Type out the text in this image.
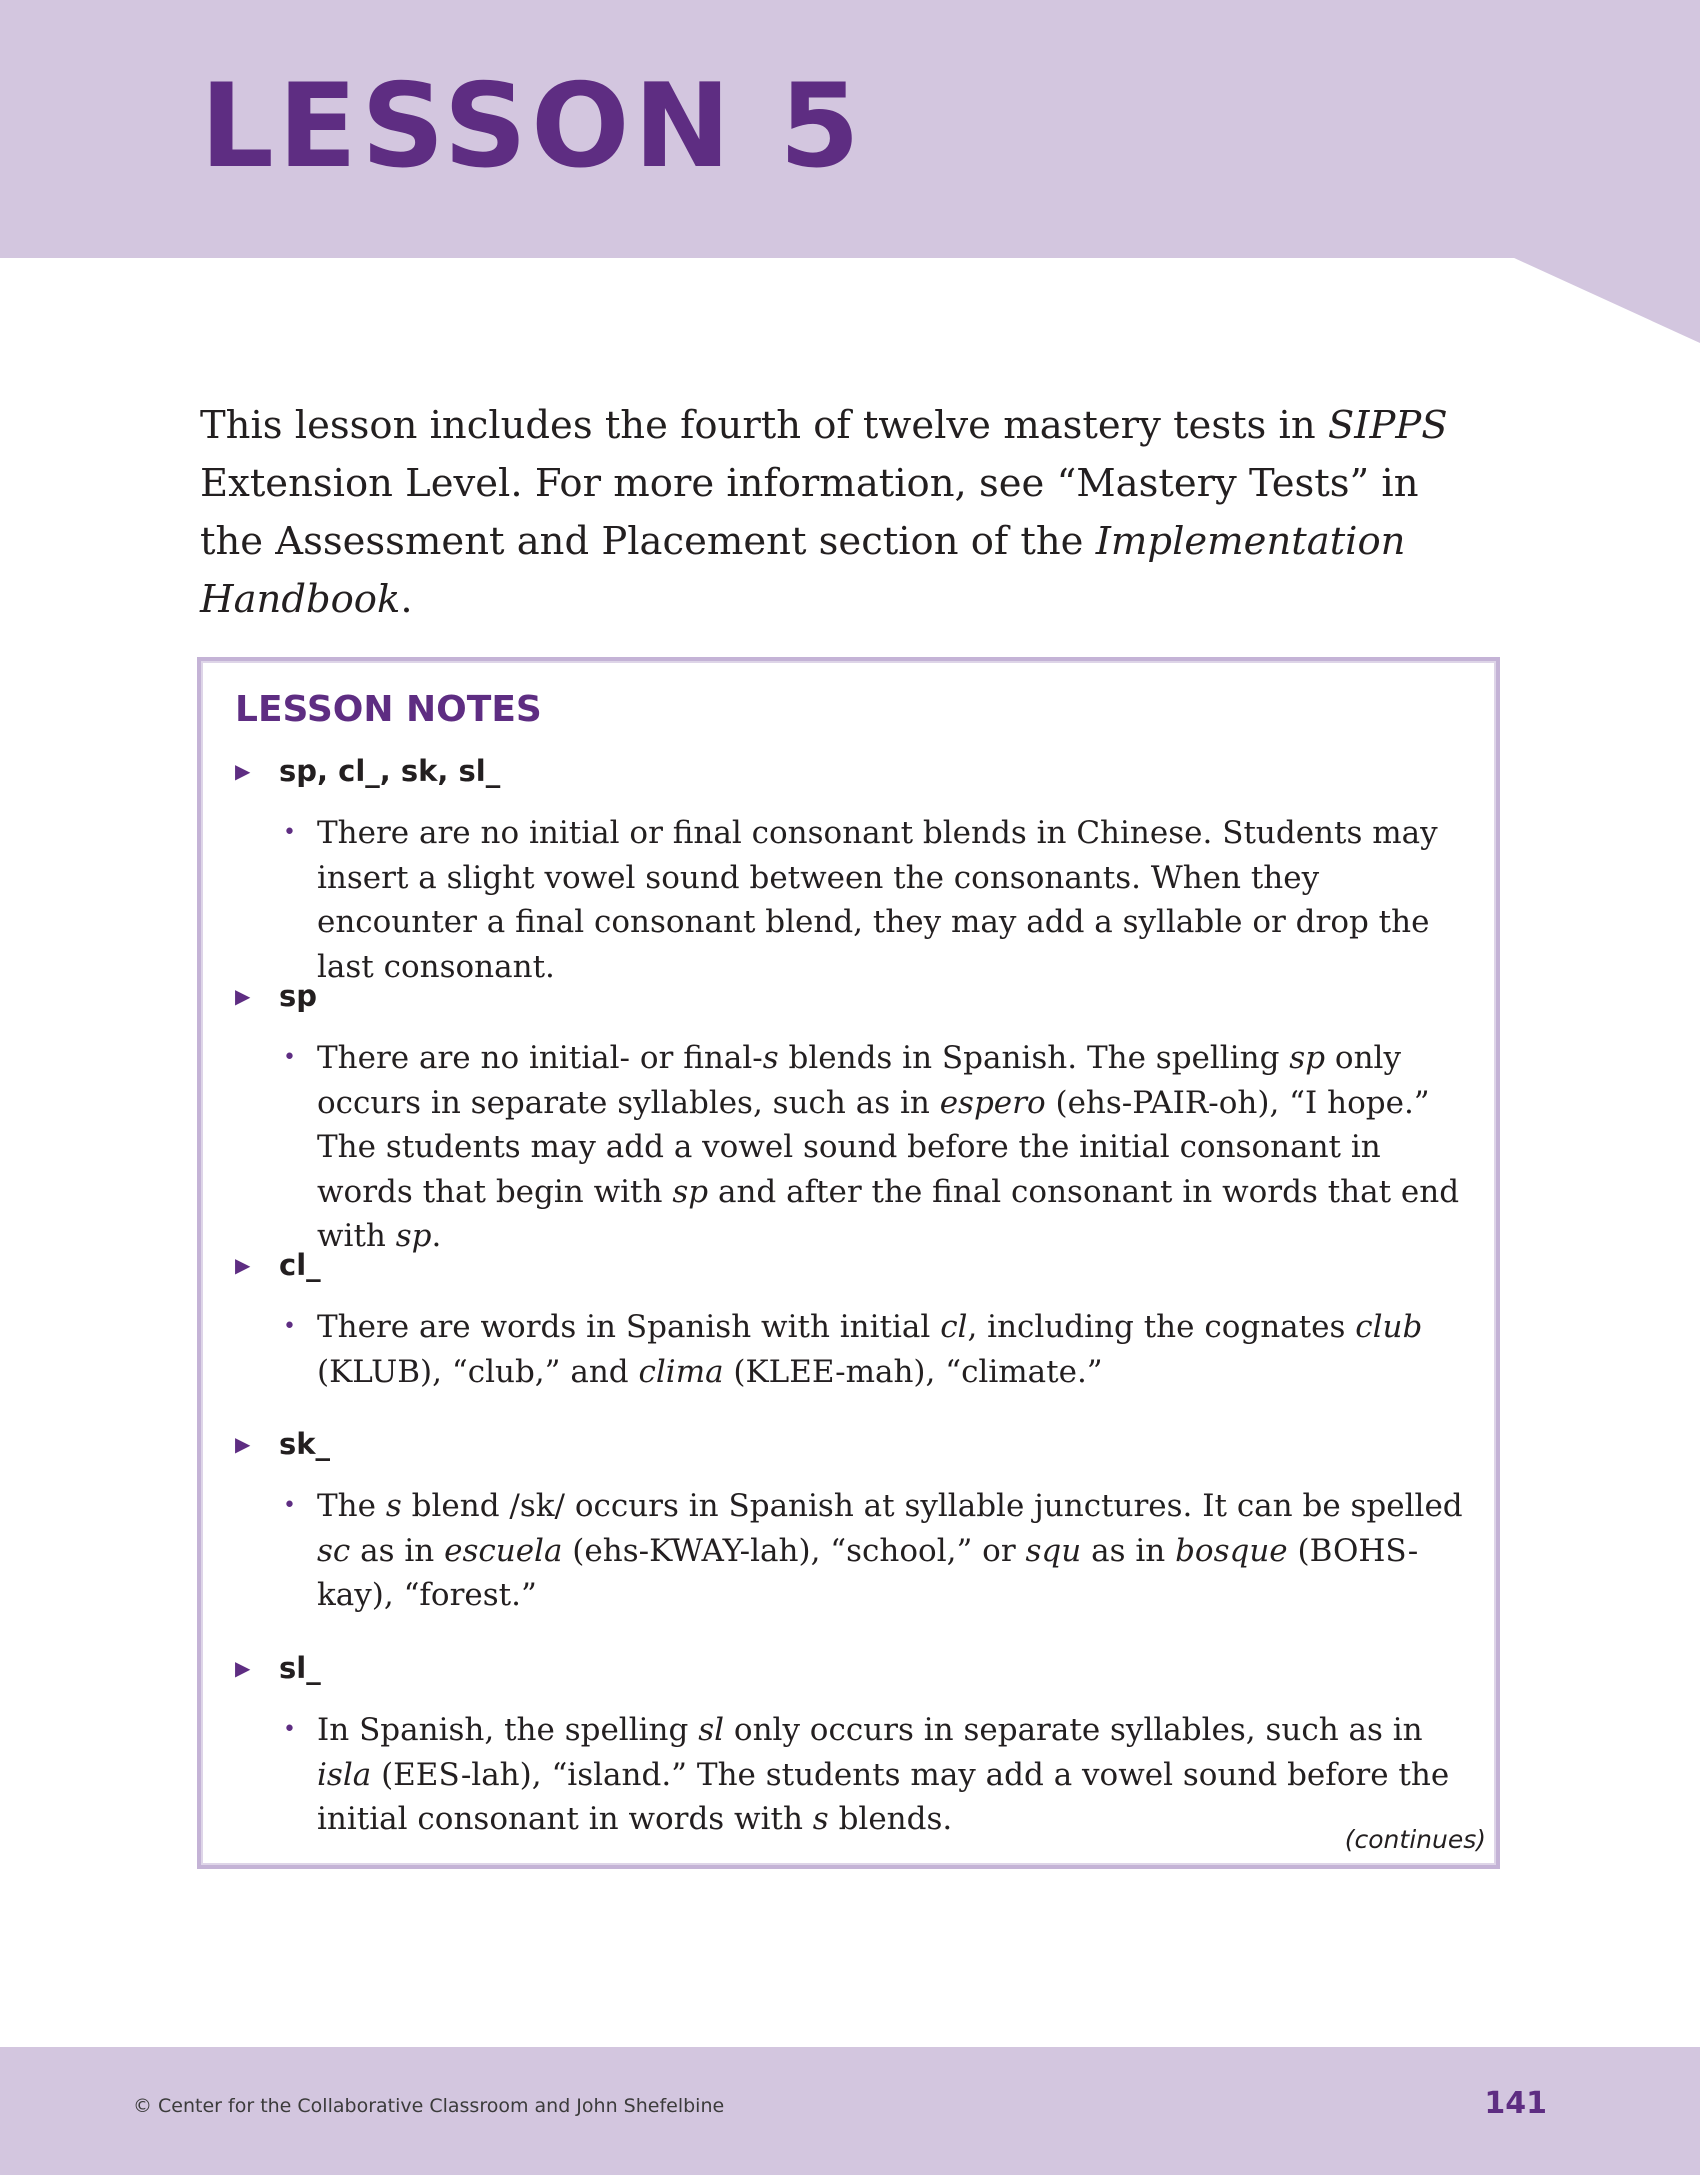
LESSON 5

This lesson includes the fourth of twelve mastery tests in SIPPS Extension Level. For more information, see “Mastery Tests” in the Assessment and Placement section of the Implementation Handbook.

LESSON NOTES
▶ sp, cl_, sk, sl_
• There are no initial or final consonant blends in Chinese. Students may insert a slight vowel sound between the consonants. When they encounter a final consonant blend, they may add a syllable or drop the last consonant.
▶ sp
• There are no initial- or final-s blends in Spanish. The spelling sp only occurs in separate syllables, such as in espero (ehs-PAIR-oh), “I hope.” The students may add a vowel sound before the initial consonant in words that begin with sp and after the final consonant in words that end with sp.
▶ cl_
• There are words in Spanish with initial cl, including the cognates club (KLUB), “club,” and clima (KLEE-mah), “climate.”
▶ sk_
• The s blend /sk/ occurs in Spanish at syllable junctures. It can be spelled sc as in escuela (ehs-KWAY-lah), “school,” or squ as in bosque (BOHS-kay), “forest.”
▶ sl_
• In Spanish, the spelling sl only occurs in separate syllables, such as in isla (EES-lah), “island.” The students may add a vowel sound before the initial consonant in words with s blends.
(continues)
© Center for the Collaborative Classroom and John Shefelbine	141
